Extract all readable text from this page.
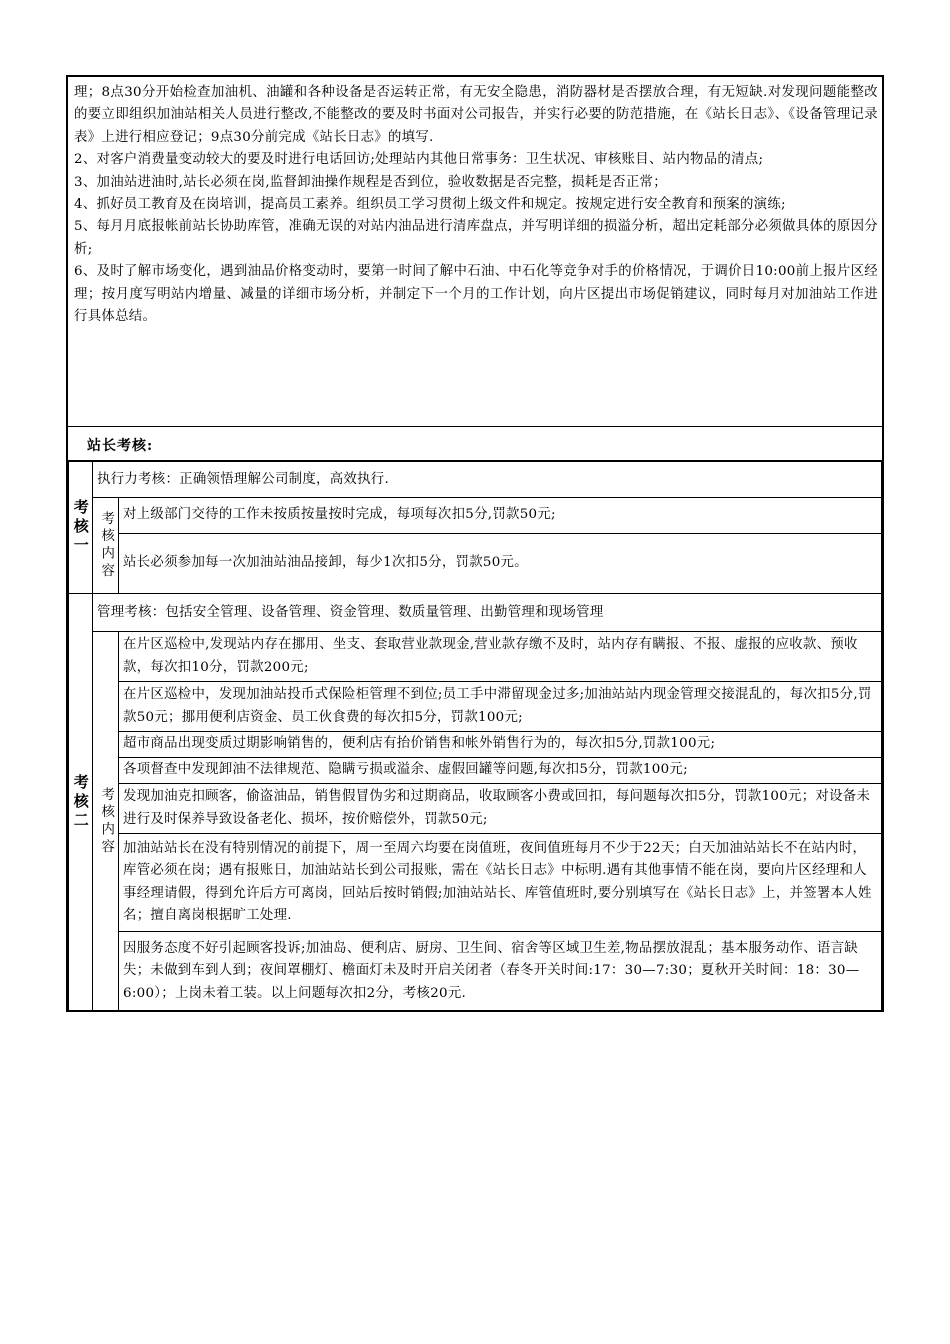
理；8点30分开始检查加油机、油罐和各种设备是否运转正常，有无安全隐患，消防器材是否摆放合理，有无短缺.对发现问题能整改的要立即组织加油站相关人员进行整改,不能整改的要及时书面对公司报告，并实行必要的防范措施，在《站长日志》、《设备管理记录表》上进行相应登记；9点30分前完成《站长日志》的填写.

2、对客户消费量变动较大的要及时进行电话回访;处理站内其他日常事务：卫生状况、审核账目、站内物品的清点;

3、加油站进油时,站长必须在岗,监督卸油操作规程是否到位，验收数据是否完整，损耗是否正常；

4、抓好员工教育及在岗培训，提高员工素养。组织员工学习贯彻上级文件和规定。按规定进行安全教育和预案的演练;

5、每月月底报帐前站长协助库管，准确无误的对站内油品进行清库盘点，并写明详细的损溢分析，超出定耗部分必须做具体的原因分析;

6、及时了解市场变化，遇到油品价格变动时，要第一时间了解中石油、中石化等竞争对手的价格情况，于调价日10:00前上报片区经理；按月度写明站内增量、减量的详细市场分析，并制定下一个月的工作计划，向片区提出市场促销建议，同时每月对加油站工作进行具体总结。

站长考核:
考核一	执行力考核：正确领悟理解公司制度，高效执行.	
	考核内容	对上级部门交待的工作未按质按量按时完成，每项每次扣5分,罚款50元;
		站长必须参加每一次加油站油品接卸，每少1次扣5分，罚款50元。
考核二	管理考核：包括安全管理、设备管理、资金管理、数质量管理、出勤管理和现场管理	
	考核内容	在片区巡检中,发现站内存在挪用、坐支、套取营业款现金,营业款存缴不及时，站内存有瞒报、不报、虚报的应收款、预收款，每次扣10分，罚款200元;
		在片区巡检中，发现加油站投币式保险柜管理不到位;员工手中滞留现金过多;加油站站内现金管理交接混乱的，每次扣5分,罚款50元；挪用便利店资金、员工伙食费的每次扣5分，罚款100元;
		超市商品出现变质过期影响销售的，便利店有抬价销售和帐外销售行为的，每次扣5分,罚款100元;
		各项督查中发现卸油不法律规范、隐瞒亏损或溢余、虚假回罐等问题,每次扣5分，罚款100元;
		发现加油克扣顾客，偷盗油品，销售假冒伪劣和过期商品，收取顾客小费或回扣，每问题每次扣5分，罚款100元；对设备未进行及时保养导致设备老化、损坏，按价赔偿外，罚款50元;
		加油站站长在没有特别情况的前提下，周一至周六均要在岗值班，夜间值班每月不少于22天；白天加油站站长不在站内时，库管必须在岗；遇有报账日，加油站站长到公司报账，需在《站长日志》中标明.遇有其他事情不能在岗，要向片区经理和人事经理请假，得到允许后方可离岗，回站后按时销假;加油站站长、库管值班时,要分别填写在《站长日志》上，并签署本人姓名；擅自离岗根据旷工处理.
		因服务态度不好引起顾客投诉;加油岛、便利店、厨房、卫生间、宿舍等区域卫生差,物品摆放混乱；基本服务动作、语言缺失；未做到车到人到；夜间罩棚灯、檐面灯未及时开启关闭者（春冬开关时间:17：30—7:30；夏秋开关时间：18：30—6:00）；上岗未着工装。以上问题每次扣2分，考核20元.
